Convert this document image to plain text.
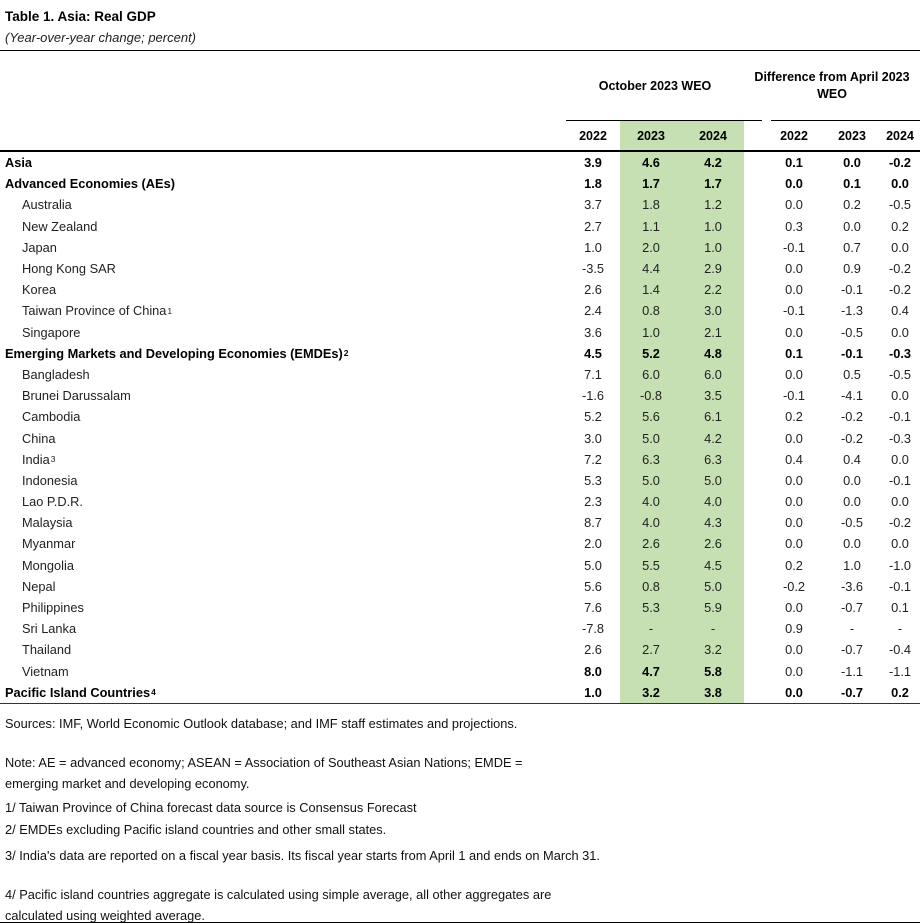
Table 1. Asia: Real GDP
(Year-over-year change; percent)
October 2023 WEO
Difference from April 2023
WEO
2022	2023	2024	2022	2023	2024
Asia	3.9	4.6	4.2	0.1	0.0	-0.2
Advanced Economies (AEs)	1.8	1.7	1.7	0.0	0.1	0.0
Australia	3.7	1.8	1.2	0.0	0.2	-0.5
New Zealand	2.7	1.1	1.0	0.3	0.0	0.2
Japan	1.0	2.0	1.0	-0.1	0.7	0.0
Hong Kong SAR	-3.5	4.4	2.9	0.0	0.9	-0.2
Korea	2.6	1.4	2.2	0.0	-0.1	-0.2
Taiwan Province of China 1	2.4	0.8	3.0	-0.1	-1.3	0.4
Singapore	3.6	1.0	2.1	0.0	-0.5	0.0
Emerging Markets and Developing Economies (EMDEs) 2	4.5	5.2	4.8	0.1	-0.1	-0.3
Bangladesh	7.1	6.0	6.0	0.0	0.5	-0.5
Brunei Darussalam	-1.6	-0.8	3.5	-0.1	-4.1	0.0
Cambodia	5.2	5.6	6.1	0.2	-0.2	-0.1
China	3.0	5.0	4.2	0.0	-0.2	-0.3
India 3	7.2	6.3	6.3	0.4	0.4	0.0
Indonesia	5.3	5.0	5.0	0.0	0.0	-0.1
Lao P.D.R.	2.3	4.0	4.0	0.0	0.0	0.0
Malaysia	8.7	4.0	4.3	0.0	-0.5	-0.2
Myanmar	2.0	2.6	2.6	0.0	0.0	0.0
Mongolia	5.0	5.5	4.5	0.2	1.0	-1.0
Nepal	5.6	0.8	5.0	-0.2	-3.6	-0.1
Philippines	7.6	5.3	5.9	0.0	-0.7	0.1
Sri Lanka	-7.8	-	-	0.9	-	-
Thailand	2.6	2.7	3.2	0.0	-0.7	-0.4
Vietnam	8.0	4.7	5.8	0.0	-1.1	-1.1
Pacific Island Countries 4	1.0	3.2	3.8	0.0	-0.7	0.2
Sources: IMF, World Economic Outlook database; and IMF staff estimates and projections.
Note: AE = advanced economy; ASEAN = Association of Southeast Asian Nations; EMDE =
emerging market and developing economy.
1/ Taiwan Province of China forecast data source is Consensus Forecast
2/ EMDEs excluding Pacific island countries and other small states.
3/ India's data are reported on a fiscal year basis. Its fiscal year starts from April 1 and ends on March 31.
4/ Pacific island countries aggregate is calculated using simple average, all other aggregates are
calculated using weighted average.
